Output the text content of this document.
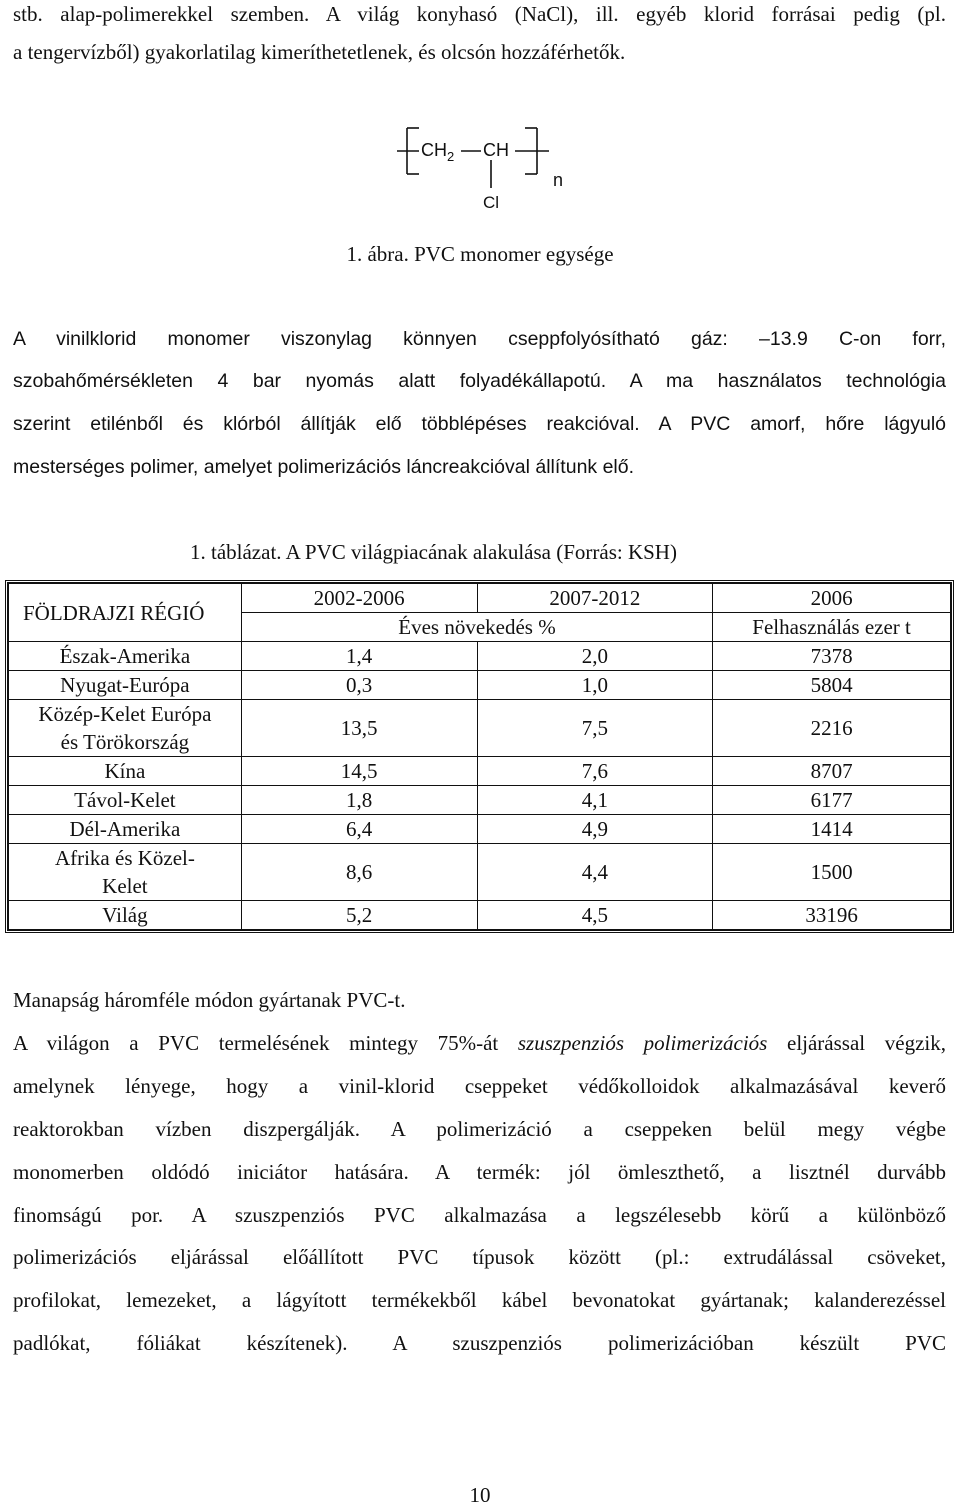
stb. alap-polimerekkel szemben. A világ konyhasó (NaCl), ill. egyéb klorid forrásai pedig (pl.
a tengervízből) gyakorlatilag kimeríthetetlenek, és olcsón hozzáférhetők.
$CH_2$ CH
Cl
n
1. ábra. PVC monomer egysége
A vinilklorid monomer viszonylag könnyen cseppfolyósítható gáz: –13.9 C-on forr,
szobahőmérsékleten 4 bar nyomás alatt folyadékállapotú. A ma használatos technológia
szerint etilénből és klórból állítják elő többlépéses reakcióval. A PVC amorf, hőre lágyuló
mesterséges polimer, amelyet polimerizációs láncreakcióval állítunk elő.
1. táblázat. A PVC világpiacának alakulása (Forrás: KSH)
FÖLDRAJZI RÉGIÓ	2002-2006	2007-2012	2006
	Éves növekedés %		Felhasználás ezer t
Észak-Amerika	1,4	2,0	7378
Nyugat-Európa	0,3	1,0	5804
Közép-Kelet Európa
és Törökország	13,5	7,5	2216
Kína	14,5	7,6	8707
Távol-Kelet	1,8	4,1	6177
Dél-Amerika	6,4	4,9	1414
Afrika és Közel-
Kelet	8,6	4,4	1500
Világ	5,2	4,5	33196
Manapság háromféle módon gyártanak PVC-t.
A világon a PVC termelésének mintegy 75%-át szuszpenziós polimerizációs eljárással végzik,
amelynek lényege, hogy a vinil-klorid cseppeket védőkolloidok alkalmazásával keverő
reaktorokban vízben diszpergálják. A polimerizáció a cseppeken belül megy végbe
monomerben oldódó iniciátor hatására. A termék: jól ömleszthető, a lisztnél durvább
finomságú por. A szuszpenziós PVC alkalmazása a legszélesebb körű a különböző
polimerizációs eljárással előállított PVC típusok között (pl.: extrudálással csöveket,
profilokat, lemezeket, a lágyított termékekből kábel bevonatokat gyártanak; kalanderezéssel
padlókat, fóliákat készítenek). A szuszpenziós polimerizációban készült PVC
10
